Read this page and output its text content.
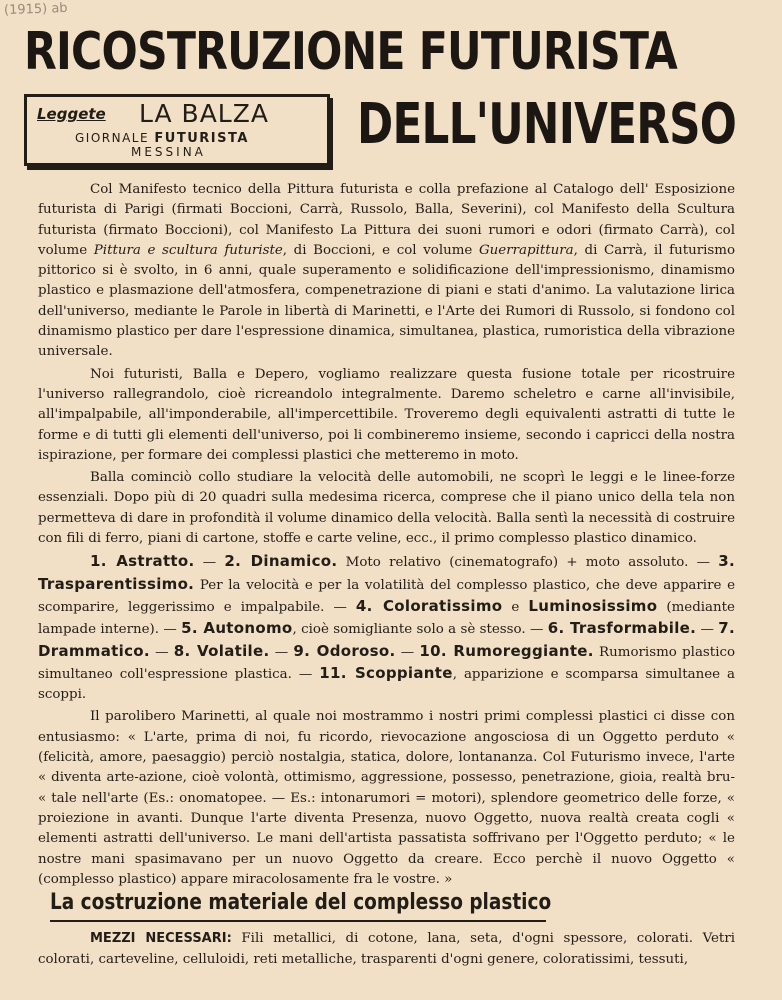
(1915) ab
RICOSTRUZIONE FUTURISTA
Leggete LA BALZA
GIORNALE FUTURISTA
MESSINA	DELL'UNIVERSO

Col Manifesto tecnico della Pittura futurista e colla prefazione al Catalogo dell' Esposizione futurista di Parigi (firmati Boccioni, Carrà, Russolo, Balla, Severini), col Manifesto della Scultura futurista (firmato Boccioni), col Manifesto La Pittura dei suoni rumori e odori (firmato Carrà), col volume Pittura e scultura futuriste, di Boccioni, e col volume Guerrapittura, di Carrà, il futurismo pittorico si è svolto, in 6 anni, quale superamento e solidificazione dell'impressionismo, dinamismo plastico e plasmazione dell'atmosfera, compenetrazione di piani e stati d'animo. La valutazione lirica dell'universo, mediante le Parole in libertà di Marinetti, e l'Arte dei Rumori di Russolo, si fondono col dinamismo plastico per dare l'espressione dinamica, simultanea, plastica, rumoristica della vibrazione universale.

Noi futuristi, Balla e Depero, vogliamo realizzare questa fusione totale per ricostruire l'universo rallegrandolo, cioè ricreandolo integralmente. Daremo scheletro e carne all'invisibile, all'impalpabile, all'imponderabile, all'impercettibile. Troveremo degli equivalenti astratti di tutte le forme e di tutti gli elementi dell'universo, poi li combineremo insieme, secondo i capricci della nostra ispirazione, per formare dei complessi plastici che metteremo in moto.

Balla cominciò collo studiare la velocità delle automobili, ne scoprì le leggi e le linee-forze essenziali. Dopo più di 20 quadri sulla medesima ricerca, comprese che il piano unico della tela non permetteva di dare in profondità il volume dinamico della velocità. Balla sentì la necessità di costruire con fili di ferro, piani di cartone, stoffe e carte veline, ecc., il primo complesso plastico dinamico.

1. Astratto. — 2. Dinamico. Moto relativo (cinematografo) + moto assoluto. — 3. Trasparentissimo. Per la velocità e per la volatilità del complesso plastico, che deve apparire e scomparire, leggerissimo e impalpabile. — 4. Coloratissimo e Luminosissimo (mediante lampade interne). — 5. Autonomo, cioè somigliante solo a sè stesso. — 6. Trasformabile. — 7. Drammatico. — 8. Volatile. — 9. Odoroso. — 10. Rumoreggiante. Rumorismo plastico simultaneo coll'espressione plastica. — 11. Scoppiante, apparizione e scomparsa simultanee a scoppi.

Il parolibero Marinetti, al quale noi mostrammo i nostri primi complessi plastici ci disse con entusiasmo: « L'arte, prima di noi, fu ricordo, rievocazione angosciosa di un Oggetto perduto « (felicità, amore, paesaggio) perciò nostalgia, statica, dolore, lontananza. Col Futurismo invece, l'arte « diventa arte-azione, cioè volontà, ottimismo, aggressione, possesso, penetrazione, gioia, realtà bru- « tale nell'arte (Es.: onomatopee. — Es.: intonarumori = motori), splendore geometrico delle forze, « proiezione in avanti. Dunque l'arte diventa Presenza, nuovo Oggetto, nuova realtà creata cogli « elementi astratti dell'universo. Le mani dell'artista passatista soffrivano per l'Oggetto perduto; « le nostre mani spasimavano per un nuovo Oggetto da creare. Ecco perchè il nuovo Oggetto « (complesso plastico) appare miracolosamente fra le vostre. »

La costruzione materiale del complesso plastico

MEZZI NECESSARI: Fili metallici, di cotone, lana, seta, d'ogni spessore, colorati. Vetri colorati, carteveline, celluloidi, reti metalliche, trasparenti d'ogni genere, coloratissimi, tessuti,
